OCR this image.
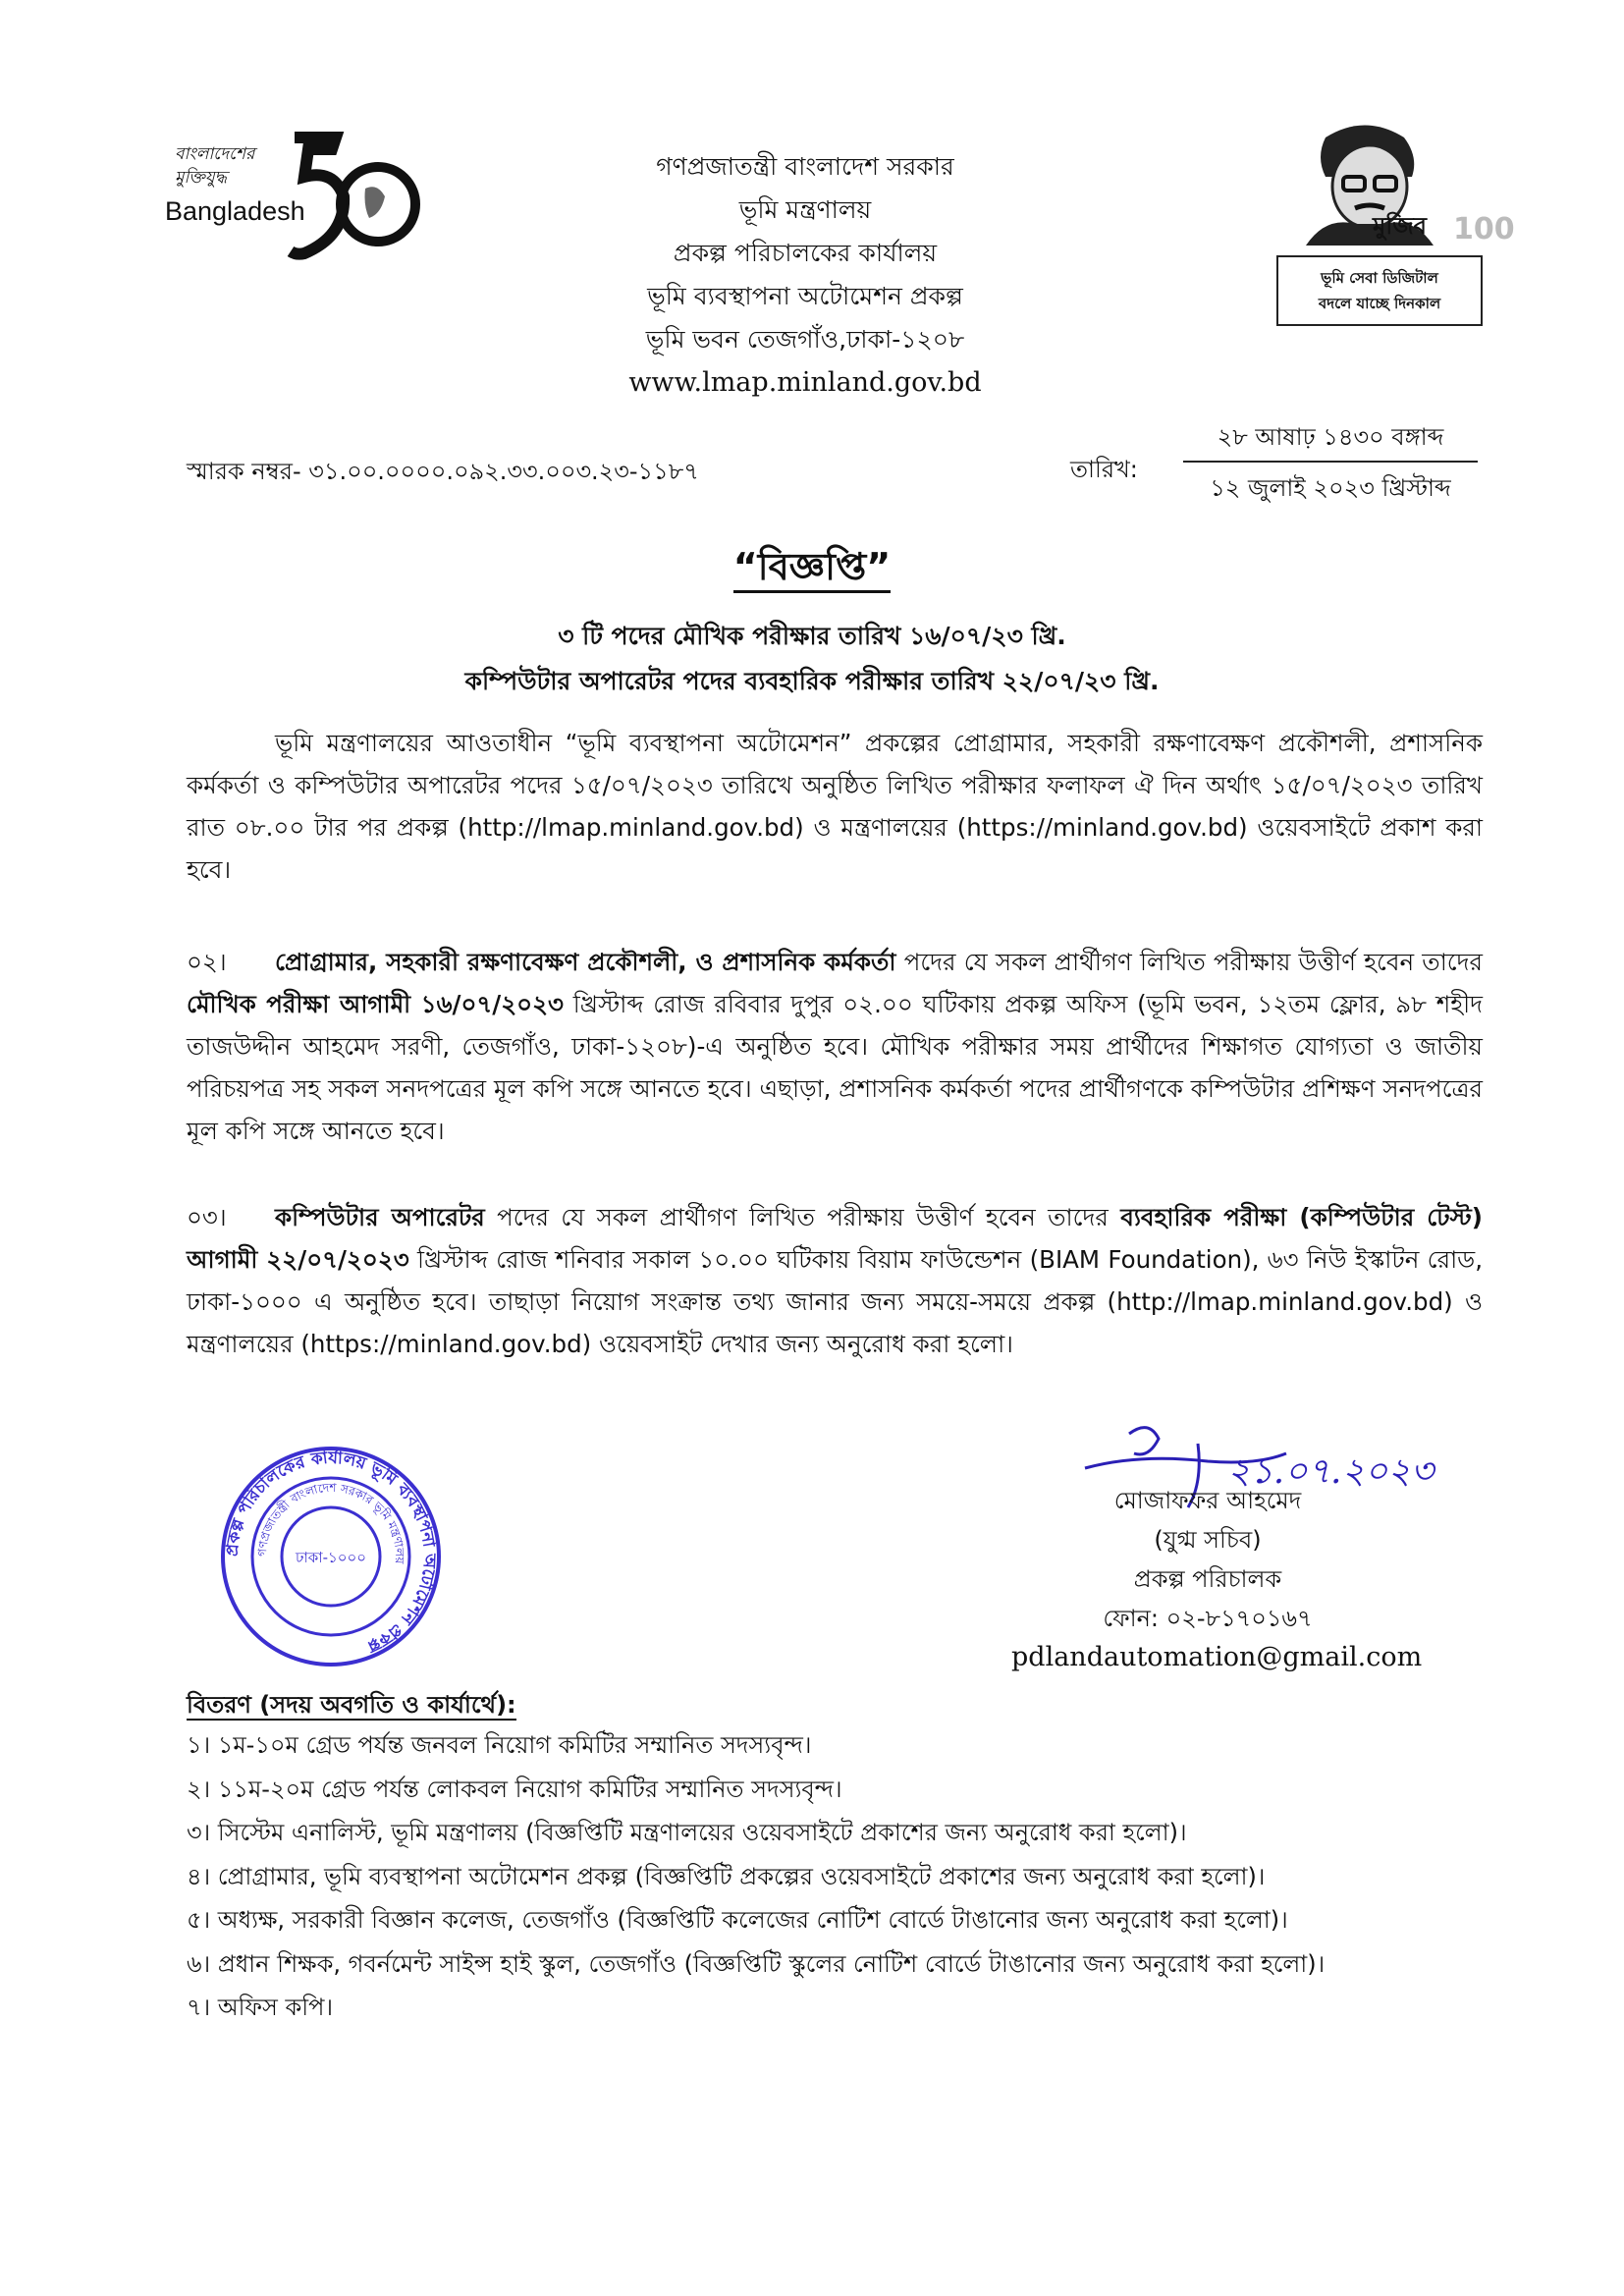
বাংলাদেশের
মুক্তিযুদ্ধ
Bangladesh
গণপ্রজাতন্ত্রী বাংলাদেশ সরকার
ভূমি মন্ত্রণালয়
প্রকল্প পরিচালকের কার্যালয়
ভূমি ব্যবস্থাপনা অটোমেশন প্রকল্প
ভূমি ভবন তেজগাঁও,ঢাকা-১২০৮
www.lmap.minland.gov.bd
মুজিব 100
ভূমি সেবা ডিজিটাল
বদলে যাচ্ছে দিনকাল
স্মারক নম্বর- ৩১.০০.০০০০.০৯২.৩৩.০০৩.২৩-১১৮৭	তারিখ:
২৮ আষাঢ় ১৪৩০ বঙ্গাব্দ
১২ জুলাই ২০২৩ খ্রিস্টাব্দ
“বিজ্ঞপ্তি”
৩ টি পদের মৌখিক পরীক্ষার তারিখ ১৬/০৭/২৩ খ্রি.
কম্পিউটার অপারেটর পদের ব্যবহারিক পরীক্ষার তারিখ ২২/০৭/২৩ খ্রি.
ভূমি মন্ত্রণালয়ের আওতাধীন “ভূমি ব্যবস্থাপনা অটোমেশন” প্রকল্পের প্রোগ্রামার, সহকারী রক্ষণাবেক্ষণ প্রকৌশলী, প্রশাসনিক কর্মকর্তা ও কম্পিউটার অপারেটর পদের ১৫/০৭/২০২৩ তারিখে অনুষ্ঠিত লিখিত পরীক্ষার ফলাফল ঐ দিন অর্থাৎ ১৫/০৭/২০২৩ তারিখ রাত ০৮.০০ টার পর প্রকল্প (http://lmap.minland.gov.bd) ও মন্ত্রণালয়ের (https://minland.gov.bd) ওয়েবসাইটে প্রকাশ করা হবে।
০২। প্রোগ্রামার, সহকারী রক্ষণাবেক্ষণ প্রকৌশলী, ও প্রশাসনিক কর্মকর্তা পদের যে সকল প্রার্থীগণ লিখিত পরীক্ষায় উত্তীর্ণ হবেন তাদের মৌখিক পরীক্ষা আগামী ১৬/০৭/২০২৩ খ্রিস্টাব্দ রোজ রবিবার দুপুর ০২.০০ ঘটিকায় প্রকল্প অফিস (ভূমি ভবন, ১২তম ফ্লোর, ৯৮ শহীদ তাজউদ্দীন আহমেদ সরণী, তেজগাঁও, ঢাকা-১২০৮)-এ অনুষ্ঠিত হবে। মৌখিক পরীক্ষার সময় প্রার্থীদের শিক্ষাগত যোগ্যতা ও জাতীয় পরিচয়পত্র সহ সকল সনদপত্রের মূল কপি সঙ্গে আনতে হবে। এছাড়া, প্রশাসনিক কর্মকর্তা পদের প্রার্থীগণকে কম্পিউটার প্রশিক্ষণ সনদপত্রের মূল কপি সঙ্গে আনতে হবে।
০৩। কম্পিউটার অপারেটর পদের যে সকল প্রার্থীগণ লিখিত পরীক্ষায় উত্তীর্ণ হবেন তাদের ব্যবহারিক পরীক্ষা (কম্পিউটার টেস্ট) আগামী ২২/০৭/২০২৩ খ্রিস্টাব্দ রোজ শনিবার সকাল ১০.০০ ঘটিকায় বিয়াম ফাউন্ডেশন (BIAM Foundation), ৬৩ নিউ ইস্কাটন রোড, ঢাকা-১০০০ এ অনুষ্ঠিত হবে। তাছাড়া নিয়োগ সংক্রান্ত তথ্য জানার জন্য সময়ে-সময়ে প্রকল্প (http://lmap.minland.gov.bd) ও মন্ত্রণালয়ের (https://minland.gov.bd) ওয়েবসাইট দেখার জন্য অনুরোধ করা হলো।
প্রকল্প পরিচালকের কার্যালয় ভূমি ব্যবস্থাপনা অটোমেশন প্রকল্প
গণপ্রজাতন্ত্রী বাংলাদেশ সরকার ভূমি মন্ত্রণালয়
ঢাকা-১০০০
২১.০৭.২০২৩
মোজাফফর আহমেদ
(যুগ্ম সচিব)
প্রকল্প পরিচালক
ফোন: ০২-৮১৭০১৬৭
pdlandautomation@gmail.com
বিতরণ (সদয় অবগতি ও কার্যার্থে):
১। ১ম-১০ম গ্রেড পর্যন্ত জনবল নিয়োগ কমিটির সম্মানিত সদস্যবৃন্দ।
২। ১১ম-২০ম গ্রেড পর্যন্ত লোকবল নিয়োগ কমিটির সম্মানিত সদস্যবৃন্দ।
৩। সিস্টেম এনালিস্ট, ভূমি মন্ত্রণালয় (বিজ্ঞপ্তিটি মন্ত্রণালয়ের ওয়েবসাইটে প্রকাশের জন্য অনুরোধ করা হলো)।
৪। প্রোগ্রামার, ভূমি ব্যবস্থাপনা অটোমেশন প্রকল্প (বিজ্ঞপ্তিটি প্রকল্পের ওয়েবসাইটে প্রকাশের জন্য অনুরোধ করা হলো)।
৫। অধ্যক্ষ, সরকারী বিজ্ঞান কলেজ, তেজগাঁও (বিজ্ঞপ্তিটি কলেজের নোটিশ বোর্ডে টাঙানোর জন্য অনুরোধ করা হলো)।
৬। প্রধান শিক্ষক, গবর্নমেন্ট সাইন্স হাই স্কুল, তেজগাঁও (বিজ্ঞপ্তিটি স্কুলের নোটিশ বোর্ডে টাঙানোর জন্য অনুরোধ করা হলো)।
৭। অফিস কপি।
